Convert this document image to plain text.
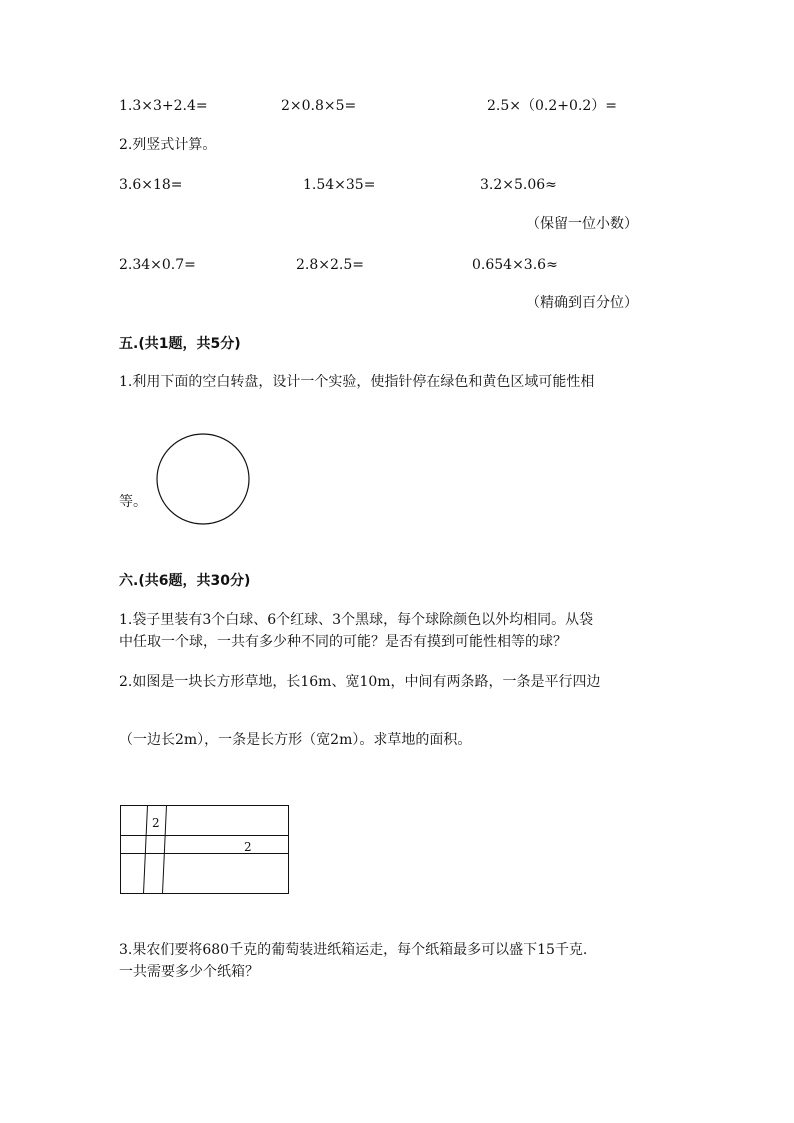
1.3×3+2.4=	2×0.8×5=	2.5×（0.2+0.2）=
2.列竖式计算。
3.6×18=	1.54×35=	3.2×5.06≈
（保留一位小数）
2.34×0.7=	2.8×2.5=	0.654×3.6≈
（精确到百分位）
五.(共1题，共5分)
1.利用下面的空白转盘，设计一个实验，使指针停在绿色和黄色区域可能性相
等。
六.(共6题，共30分)
1.袋子里装有3个白球、6个红球、3个黑球，每个球除颜色以外均相同。从袋
中任取一个球，一共有多少种不同的可能？是否有摸到可能性相等的球？
2.如图是一块长方形草地，长16m、宽10m，中间有两条路，一条是平行四边
（一边长2m），一条是长方形（宽2m）。求草地的面积。
2
2
3.果农们要将680千克的葡萄装进纸箱运走，每个纸箱最多可以盛下15千克.
一共需要多少个纸箱？
